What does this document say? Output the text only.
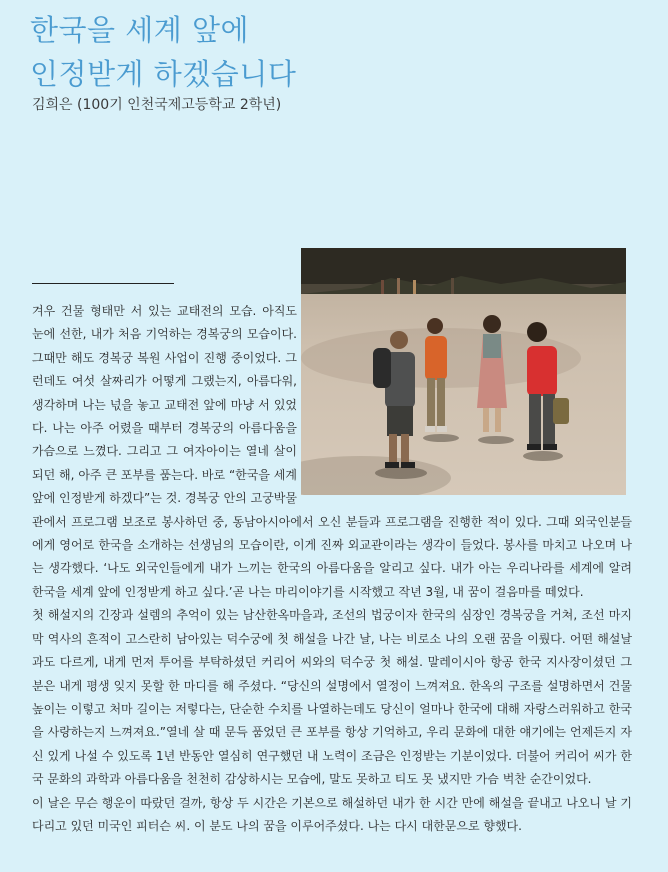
한국을 세계 앞에
인정받게 하겠습니다
김희은 (100기 인천국제고등학교 2학년)

겨우 건물 형태만 서 있는 교태전의 모습. 아직도 눈에 선한, 내가 처음 기억하는 경복궁의 모습이다. 그때만 해도 경복궁 복원 사업이 진행 중이었다. 그런데도 여섯 살짜리가 어떻게 그랬는지, 아름다워, 생각하며 나는 넋을 놓고 교태전 앞에 마냥 서 있었다. 나는 아주 어렸을 때부터 경복궁의 아름다움을 가슴으로 느꼈다. 그리고 그 여자아이는 열네 살이 되던 해, 아주 큰 포부를 품는다. 바로 “한국을 세계 앞에 인정받게 하겠다”는 것. 경복궁 안의 고궁박물관에서 프로그램 보조로 봉사하던 중, 동남아시아에서 오신 분들과 프로그램을 진행한 적이 있다. 그때 외국인분들에게 영어로 한국을 소개하는 선생님의 모습이란, 이게 진짜 외교관이라는 생각이 들었다. 봉사를 마치고 나오며 나는 생각했다. ‘나도 외국인들에게 내가 느끼는 한국의 아름다움을 알리고 싶다. 내가 아는 우리나라를 세계에 알려 한국을 세계 앞에 인정받게 하고 싶다.’곧 나는 마리이야기를 시작했고 작년 3월, 내 꿈이 걸음마를 떼었다.

첫 해설지의 긴장과 설렘의 추억이 있는 남산한옥마을과, 조선의 법궁이자 한국의 심장인 경복궁을 거쳐, 조선 마지막 역사의 흔적이 고스란히 남아있는 덕수궁에 첫 해설을 나간 날, 나는 비로소 나의 오랜 꿈을 이뤘다. 어떤 해설날과도 다르게, 내게 먼저 투어를 부탁하셨던 커리어 씨와의 덕수궁 첫 해설. 말레이시아 항공 한국 지사장이셨던 그 분은 내게 평생 잊지 못할 한 마디를 해 주셨다. “당신의 설명에서 열정이 느껴져요. 한옥의 구조를 설명하면서 건물 높이는 이렇고 처마 길이는 저렇다는, 단순한 수치를 나열하는데도 당신이 얼마나 한국에 대해 자랑스러워하고 한국을 사랑하는지 느껴져요.”열네 살 때 문득 품었던 큰 포부를 항상 기억하고, 우리 문화에 대한 얘기에는 언제든지 자신 있게 나설 수 있도록 1년 반동안 열심히 연구했던 내 노력이 조금은 인정받는 기분이었다. 더불어 커리어 씨가 한국 문화의 과학과 아름다움을 천천히 감상하시는 모습에, 말도 못하고 티도 못 냈지만 가슴 벅찬 순간이었다.

이 날은 무슨 행운이 따랐던 걸까, 항상 두 시간은 기본으로 해설하던 내가 한 시간 만에 해설을 끝내고 나오니 날 기다리고 있던 미국인 피터슨 씨. 이 분도 나의 꿈을 이루어주셨다. 나는 다시 대한문으로 향했다.
